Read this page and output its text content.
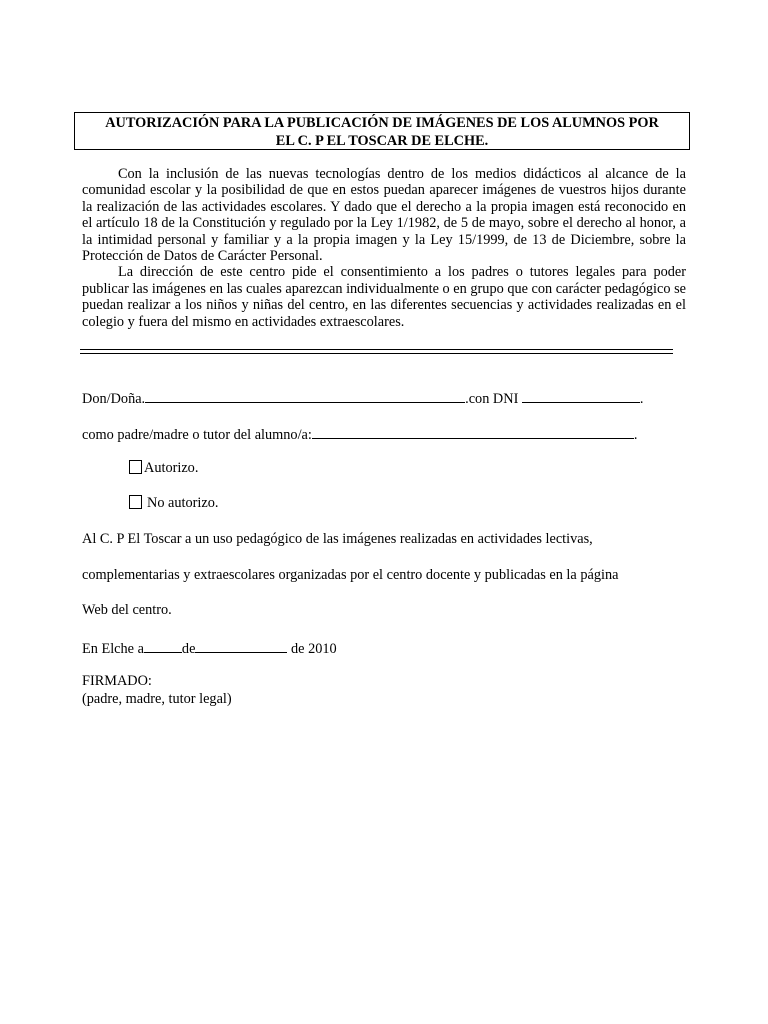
AUTORIZACIÓN PARA LA PUBLICACIÓN DE IMÁGENES DE LOS ALUMNOS POR
EL C. P EL TOSCAR DE ELCHE.

Con la inclusión de las nuevas tecnologías dentro de los medios didácticos al alcance de la comunidad escolar y la posibilidad de que en estos puedan aparecer imágenes de vuestros hijos durante la realización de las actividades escolares. Y dado que el derecho a la propia imagen está reconocido en el artículo 18 de la Constitución y regulado por la Ley 1/1982, de 5 de mayo, sobre el derecho al honor, a la intimidad personal y familiar y a la propia imagen y la Ley 15/1999, de 13 de Diciembre, sobre la Protección de Datos de Carácter Personal.

La dirección de este centro pide el consentimiento a los padres o tutores legales para poder publicar las imágenes en las cuales aparezcan individualmente o en grupo que con carácter pedagógico se puedan realizar a los niños y niñas del centro, en las diferentes secuencias y actividades realizadas en el colegio y fuera del mismo en actividades extraescolares.

Don/Doña.	.con DNI	.
como padre/madre o tutor del alumno/a:	.
Autorizo.
No autorizo.
Al C. P El Toscar a un uso pedagógico de las imágenes realizadas en actividades lectivas,
complementarias y extraescolares organizadas por el centro docente y publicadas en la página
Web del centro.
En Elche a	de	de 2010
FIRMADO:
(padre, madre, tutor legal)
